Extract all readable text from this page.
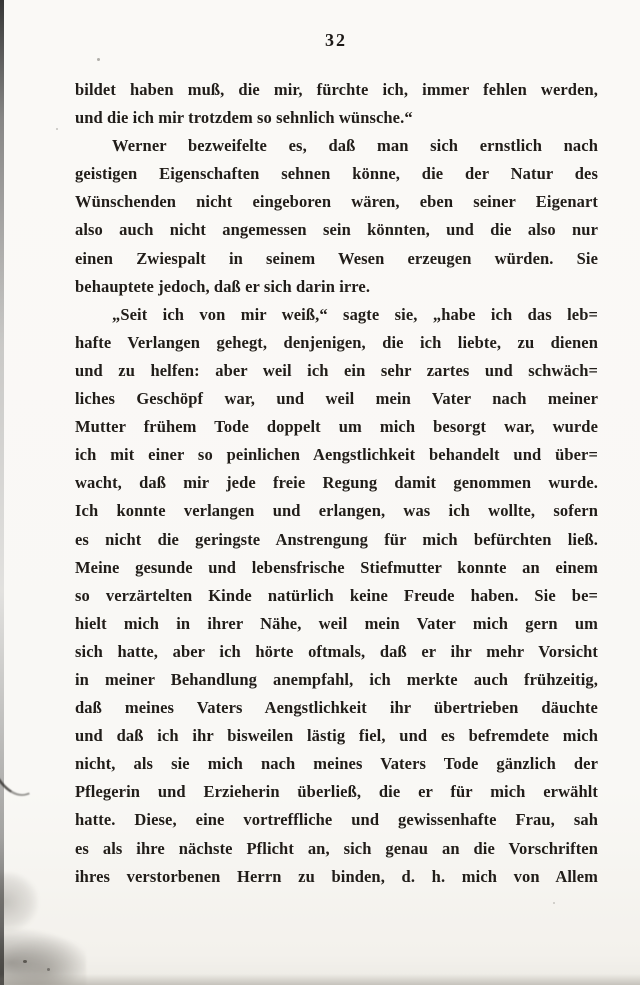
32
bildet haben muß, die mir, fürchte ich, immer fehlen werden,
und die ich mir trotzdem so sehnlich wünsche.“
Werner bezweifelte es, daß man sich ernstlich nach
geistigen Eigenschaften sehnen könne, die der Natur des
Wünschenden nicht eingeboren wären, eben seiner Eigenart
also auch nicht angemessen sein könnten, und die also nur
einen Zwiespalt in seinem Wesen erzeugen würden. Sie
behauptete jedoch, daß er sich darin irre.
„Seit ich von mir weiß,“ sagte sie, „habe ich das leb=
hafte Verlangen gehegt, denjenigen, die ich liebte, zu dienen
und zu helfen: aber weil ich ein sehr zartes und schwäch=
liches Geschöpf war, und weil mein Vater nach meiner
Mutter frühem Tode doppelt um mich besorgt war, wurde
ich mit einer so peinlichen Aengstlichkeit behandelt und über=
wacht, daß mir jede freie Regung damit genommen wurde.
Ich konnte verlangen und erlangen, was ich wollte, sofern
es nicht die geringste Anstrengung für mich befürchten ließ.
Meine gesunde und lebensfrische Stiefmutter konnte an einem
so verzärtelten Kinde natürlich keine Freude haben. Sie be=
hielt mich in ihrer Nähe, weil mein Vater mich gern um
sich hatte, aber ich hörte oftmals, daß er ihr mehr Vorsicht
in meiner Behandlung anempfahl, ich merkte auch frühzeitig,
daß meines Vaters Aengstlichkeit ihr übertrieben däuchte
und daß ich ihr bisweilen lästig fiel, und es befremdete mich
nicht, als sie mich nach meines Vaters Tode gänzlich der
Pflegerin und Erzieherin überließ, die er für mich erwählt
hatte. Diese, eine vortreffliche und gewissenhafte Frau, sah
es als ihre nächste Pflicht an, sich genau an die Vorschriften
ihres verstorbenen Herrn zu binden, d. h. mich von Allem
